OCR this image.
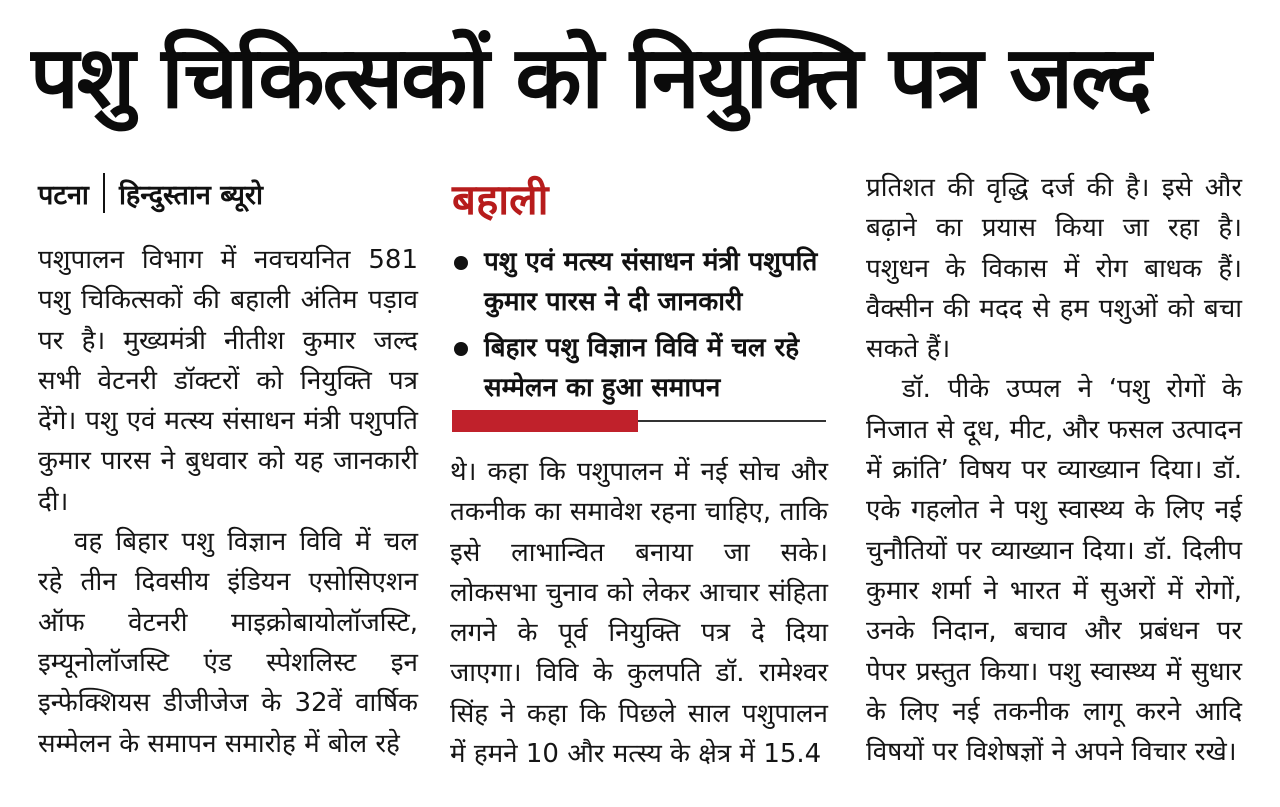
पशु चिकित्सकों को नियुक्ति पत्र जल्द
पटना हिन्दुस्तान ब्यूरो

पशुपालन विभाग में नवचयनित 581 पशु चिकित्सकों की बहाली अंतिम पड़ाव पर है। मुख्यमंत्री नीतीश कुमार जल्द सभी वेटनरी डॉक्टरों को नियुक्ति पत्र देंगे। पशु एवं मत्स्य संसाधन मंत्री पशुपति कुमार पारस ने बुधवार को यह जानकारी दी।

वह बिहार पशु विज्ञान विवि में चल रहे तीन दिवसीय इंडियन एसोसिएशन ऑफ वेटनरी माइक्रोबायोलॉजस्टि, इम्यूनोलॉजस्टि एंड स्पेशलिस्ट इन इन्फेक्शियस डीजीजेज के 32वें वार्षिक सम्मेलन के समापन समारोह में बोल रहे

बहाली
पशु एवं मत्स्य संसाधन मंत्री पशुपति कुमार पारस ने दी जानकारी
बिहार पशु विज्ञान विवि में चल रहे सम्मेलन का हुआ समापन

थे। कहा कि पशुपालन में नई सोच और तकनीक का समावेश रहना चाहिए, ताकि इसे लाभान्वित बनाया जा सके। लोकसभा चुनाव को लेकर आचार संहिता लगने के पूर्व नियुक्ति पत्र दे दिया जाएगा। विवि के कुलपति डॉ. रामेश्वर सिंह ने कहा कि पिछले साल पशुपालन में हमने 10 और मत्स्य के क्षेत्र में 15.4

प्रतिशत की वृद्धि दर्ज की है। इसे और बढ़ाने का प्रयास किया जा रहा है। पशुधन के विकास में रोग बाधक हैं। वैक्सीन की मदद से हम पशुओं को बचा सकते हैं।

डॉ. पीके उप्पल ने ‘पशु रोगों के निजात से दूध, मीट, और फसल उत्पादन में क्रांति’ विषय पर व्याख्यान दिया। डॉ. एके गहलोत ने पशु स्वास्थ्य के लिए नई चुनौतियों पर व्याख्यान दिया। डॉ. दिलीप कुमार शर्मा ने भारत में सुअरों में रोगों, उनके निदान, बचाव और प्रबंधन पर पेपर प्रस्तुत किया। पशु स्वास्थ्य में सुधार के लिए नई तकनीक लागू करने आदि विषयों पर विशेषज्ञों ने अपने विचार रखे।
